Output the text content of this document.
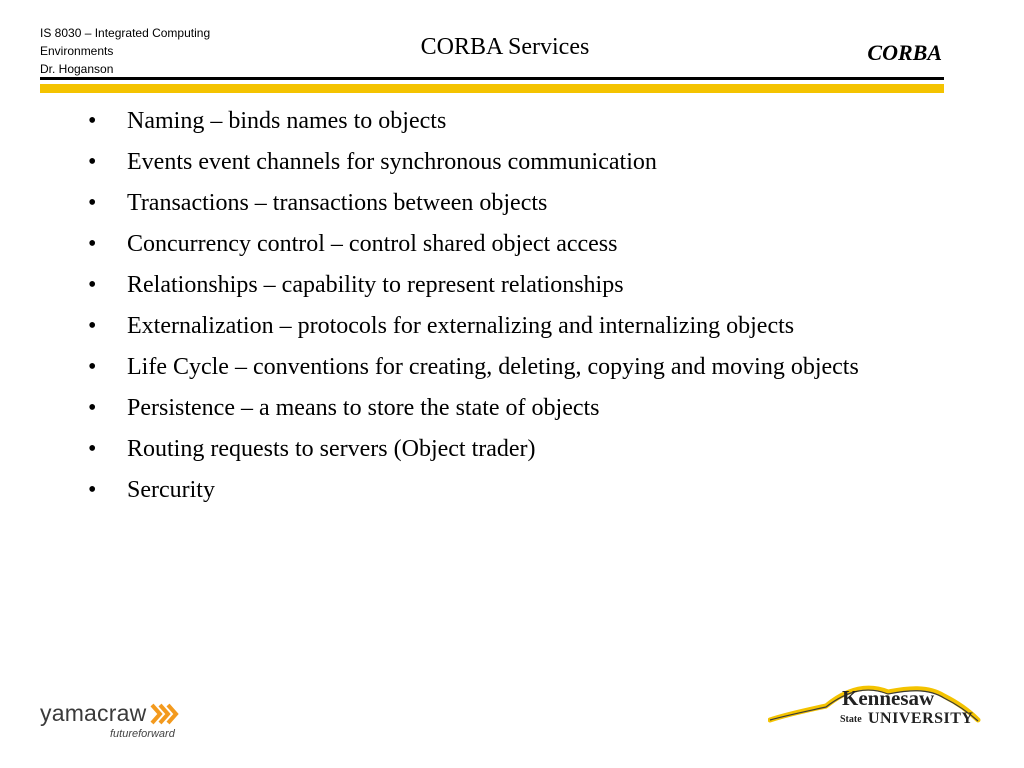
IS 8030 – Integrated Computing
Environments
Dr. Hoganson
CORBA Services	CORBA
• Naming – binds names to objects
• Events event channels for synchronous communication
• Transactions – transactions between objects
• Concurrency control – control shared object access
• Relationships – capability to represent relationships
• Externalization – protocols for externalizing and internalizing objects
• Life Cycle – conventions for creating, deleting, copying and moving objects
• Persistence – a means to store the state of objects
• Routing requests to servers (Object trader)
• Sercurity
yamacraw
futureforward
Kennesaw
State UNIVERSITY
